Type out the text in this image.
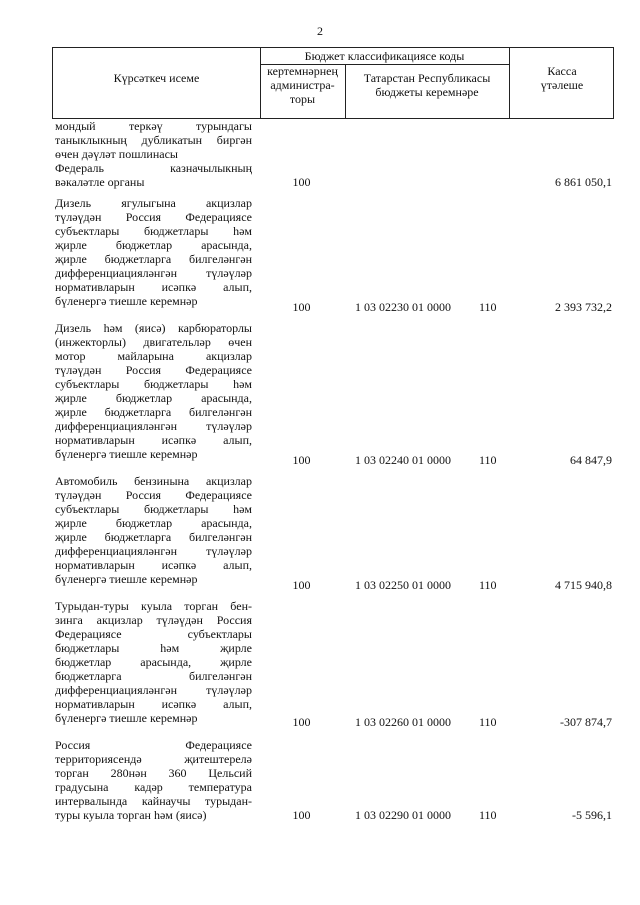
2
Бюджет классификациясе коды
Күрсәткеч исеме	кертемнәрнең
администра-
торы
Татарстан Республикасы
бюджеты керемнәре
Касса
үтәлеше
мондый теркәү турындагы
таныклыкның дубликатын биргән
өчен дәүләт пошлинасы
Федераль казначылыкның
вәкаләтле органы	100	6 861 050,1
Дизель ягулыгына акцизлар
түләүдән Россия Федерациясе
субъектлары бюджетлары һәм
җирле бюджетлар арасында,
җирле бюджетларга билгеләнгән
дифференциацияләнгән түләүләр
нормативларын исәпкә алып,
бүленергә тиешле керемнәр	100	1 03 02230 01 0000 110	2 393 732,2
Дизель һәм (яисә) карбюраторлы
(инжекторлы) двигательләр өчен
мотор майларына акцизлар
түләүдән Россия Федерациясе
субъектлары бюджетлары һәм
җирле бюджетлар арасында,
җирле бюджетларга билгеләнгән
дифференциацияләнгән түләүләр
нормативларын исәпкә алып,
бүленергә тиешле керемнәр	100	1 03 02240 01 0000 110	64 847,9
Автомобиль бензинына акцизлар
түләүдән Россия Федерациясе
субъектлары бюджетлары һәм
җирле бюджетлар арасында,
җирле бюджетларга билгеләнгән
дифференциацияләнгән түләүләр
нормативларын исәпкә алып,
бүленергә тиешле керемнәр	100	1 03 02250 01 0000 110	4 715 940,8
Турыдан-туры куыла торган бен-
зинга акцизлар түләүдән Россия
Федерациясе субъектлары
бюджетлары һәм җирле
бюджетлар арасында, җирле
бюджетларга билгеләнгән
дифференциацияләнгән түләүләр
нормативларын исәпкә алып,
бүленергә тиешле керемнәр	100	1 03 02260 01 0000 110	-307 874,7
Россия Федерациясе
территориясендә җитештерелә
торган 280нән 360 Цельсий
градусына кадәр температура
интервалында кайнаучы турыдан-
туры куыла торган һәм (яисә)	100	1 03 02290 01 0000 110	-5 596,1
